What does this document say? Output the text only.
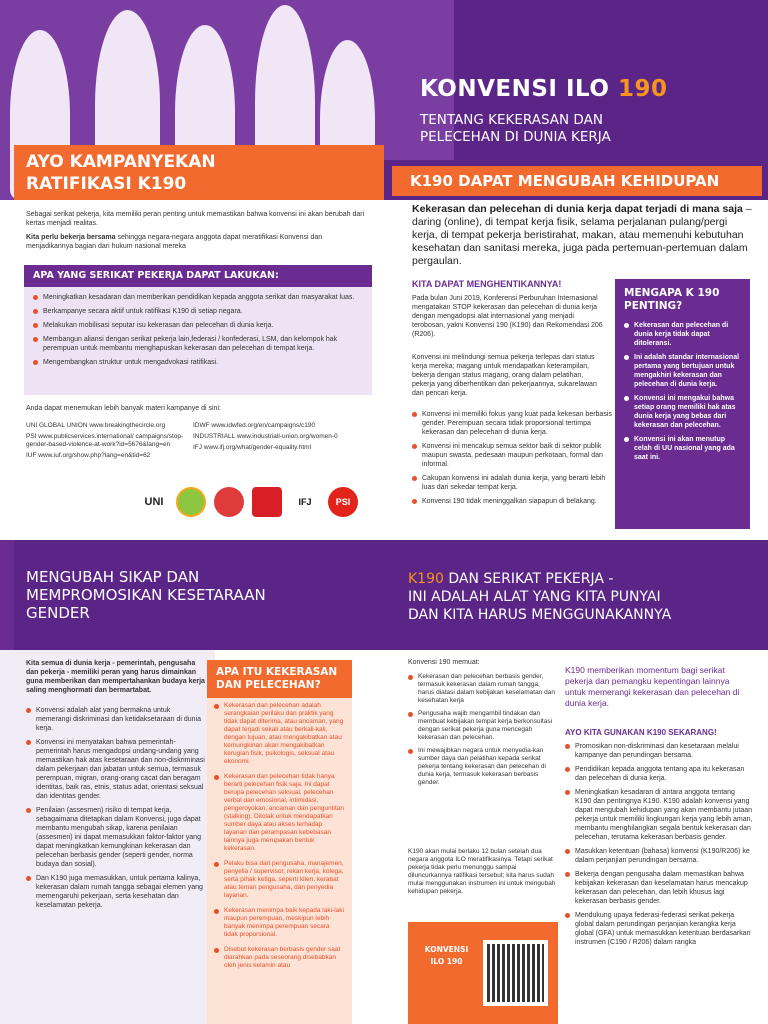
AYO KAMPANYEKAN
RATIFIKASI K190

Sebagai serikat pekerja, kita memiliki peran penting untuk memastikan bahwa konvensi ini akan berubah dari kertas menjadi realitas.

Kita perlu bekerja bersama sehingga negara-negara anggota dapat meratifikasi Konvensi dan menjadikannya bagian dari hukum nasional mereka

APA YANG SERIKAT PEKERJA DAPAT LAKUKAN:
Meningkatkan kesadaran dan memberikan pendidikan kepada anggota serikat dan masyarakat luas.
Berkampanye secara aktif untuk ratifikasi K190 di setiap negara.
Melakukan mobilisasi seputar isu kekerasan dan pelecehan di dunia kerja.
Membangun aliansi dengan serikat pekerja lain,federasi / konfederasi, LSM, dan kelompok hak perempuan untuk membantu menghapuskan kekerasan dan pelecehan di tempat kerja.
Mengembangkan struktur untuk mengadvokasi ratifikasi.
Anda dapat menemukan lebih banyak materi kampanye di sini:
UNI GLOBAL UNION www.breakingthecircle.org
PSI www.publicservices.international/ campaigns/stop-gender-based-violence-at-work?id=5676&lang=en
IUF www.iuf.org/show.php?lang=en&tid=62
IDWF www.idwfed.org/en/campaigns/c190
INDUSTRIALL www.industriall-union.org/women-0
IFJ www.ifj.org/what/gender-equality.html
UNI	IFJ	PSI
KONVENSI ILO 190
TENTANG KEKERASAN DAN
PELECEHAN DI DUNIA KERJA
K190 DAPAT MENGUBAH KEHIDUPAN
Kekerasan dan pelecehan di dunia kerja dapat terjadi di mana saja – daring (online), di tempat kerja fisik, selama perjalanan pulang/pergi kerja, di tempat pekerja beristirahat, makan, atau memenuhi kebutuhan kesehatan dan sanitasi mereka, juga pada pertemuan-pertemuan dalam pergaulan.
KITA DAPAT MENGHENTIKANNYA!
Pada bulan Juni 2019, Konferensi Perburuhan Internasional mengatakan STOP kekerasan dan pelecehan di dunia kerja dengan mengadopsi alat internasional yang menjadi terobosan, yakni Konvensi 190 (K190) dan Rekomendasi 206 (R206).
Konvensi ini melindungi semua pekerja terlepas dari status kerja mereka; magang untuk mendapatkan keterampilan, bekerja dengan status magang, orang dalam pelatihan, pekerja yang diberhentikan dari pekerjaannya, sukarelawan dan pencari kerja.
Konvensi ini memiliki fokus yang kuat pada kekesan berbasis gender. Perempuan secara tidak proporsional tertimpa kekerasan dan pelecehan di dunia kerja.
Konvensi ini mencakup semua sektor baik di sektor publik maupun swasta, pedesaan maupun perkotaan, formal dan informal.
Cakupan konvensi ini adalah dunia kerja, yang berarti lebih luas dari sekedar tempat kerja.
Konvensi 190 tidak meninggalkan siapapun di belakang.
MENGAPA K 190 PENTING?
Kekerasan dan pelecehan di dunia kerja tidak dapat ditoleransi.
Ini adalah standar internasional pertama yang bertujuan untuk mengakhiri kekerasan dan pelecehan di dunia kerja.
Konvensi ini mengakui bahwa setiap orang memiliki hak atas dunia kerja yang bebas dari kekerasan dan pelecehan.
Konvensi ini akan menutup celah di UU nasional yang ada saat ini.
MENGUBAH SIKAP DAN
MEMPROMOSIKAN KESETARAAN
GENDER
Kita semua di dunia kerja - pemerintah, pengusaha dan pekerja - memiliki peran yang harus dimainkan guna memberikan dan mempertahankan budaya kerja saling menghormati dan bermartabat.
Konvensi adalah alat yang bermakna untuk memerangi diskriminasi dan ketidaksetaraan di dunia kerja.
Konvensi ini menyatakan bahwa pemerintah-pemerintah harus mengadopsi undang-undang yang memastikan hak atas kesetaraan dan non-diskriminasi dalam pekerjaan dan jabatan untuk semua, termasuk perempuan, migran, orang-orang cacat dan beragam identitas, baik ras, etnis, status adat, orientasi seksual dan identitas gender.
Penilaian (assesmen) risiko di tempat kerja, sebagaimana ditetapkan dalam Konvensi, juga dapat membantu mengubah sikap, karena penilaian (assesmen) ini dapat memasukkan faktor-faktor yang dapat meningkatkan kemungkinan kekerasan dan pelecehan berbasis gender (seperti gender, norma budaya dan sosial).
Dan K190 juga memasukkan, untuk pertama kalinya, kekerasan dalam rumah tangga sebagai elemen yang memengaruhi pekerjaan, serta kesehatan dan keselamatan pekerja.
APA ITU KEKERASAN
DAN PELECEHAN?
Kekerasan dan pelecehan adalah serangkaian perilaku dan praktik yang tidak dapat diterima, atau ancaman, yang dapat terjadi sekali atau berkali-kali, dengan tujuan, atau mengakibatkan atau kemungkinan akan mengakibatkan kerugian fisik, psikologis, seksual atau ekonomi.
Kekerasan dan pelecehan tidak hanya berarti pelecehan fisik saja. Ini dapat berupa pelecehan seksual, pelecehan verbal dan emosional, intimidasi, pengeroyokan, ancaman dan penguntitan (stalking). Ditolak untuk mendapatkan sumber daya atau akses terhadap layanan dan perampasan kebebasan lainnya juga merupakan bentuk kekerasan.
Pelaku bisa dari pengusaha, manajemen, penyelia / supervisor, rekan kerja, kolega, serta pihak ketiga, seperti klien, kerabat atau teman pengusaha, dan penyedia layanan.
Kekerasan menimpa baik kepada laki-laki maupun perempuan, meskipun lebih banyak menimpa perempuan secara tidak proporsional.
Disebut kekerasan berbasis gender saat diarahkan pada seseorang disebabkan oleh jenis kelamin atau
K190 DAN SERIKAT PEKERJA -
INI ADALAH ALAT YANG KITA PUNYAI
DAN KITA HARUS MENGGUNAKANNYA
Konvensi 190 memuat:
Kekerasan dan pelecehan berbasis gender, termasuk kekerasan dalam rumah tangga, harus diatasi dalam kebijakan keselamatan dan kesehatan kerja
Pengusaha wajib mengambil tindakan dan membuat kebijakan tempat kerja berkonsultasi dengan serikat pekerja guna mencegah kekerasan dan pelecehan.
Ini mewajibkan negara untuk menyedia-kan sumber daya dan pelatihan kepada serikat pekerja tentang kekerasan dan pelecehan di dunia kerja, termasuk kekerasan berbasis gender.
K190 akan mulai berlaku 12 bulan setelah dua negara anggota ILO meratifikasinya. Tetapi serikat pekerja tidak perlu menunggu sampai diluncurkannya ratifikasi tersebut; kita harus sudah mulai menggunakan instrumen ini untuk mengubah kehidupan pekerja.
KONVENSI
ILO 190
K190 memberikan momentum bagi serikat pekerja dan pemangku kepentingan lainnya untuk memerangi kekerasan dan pelecehan di dunia kerja.
AYO KITA GUNAKAN K190 SEKARANG!
Promosikan non-diskriminasi dan kesetaraan melalui kampanye dan perundingan bersama.
Pendidikan kepada anggota tentang apa itu kekerasan dan pelecehan di dunia kerja.
Meningkatkan kesadaran di antara anggota tentang K190 dan pentingnya K190. K190 adalah konvensi yang dapat mengubah kehidupan yang akan membantu jutaan pekerja untuk memiliki lingkungan kerja yang lebih aman, membantu menghilangkan segala bentuk kekerasan dan pelecehan, terutama kekerasan berbasis gender.
Masukkan ketentuan (bahasa) konvensi (K190/R206) ke dalam perjanjian perundingan bersama.
Bekerja dengan pengusaha dalam memastikan bahwa kebijakan kekerasan dan keselamatan harus mencakup kekerasan dan pelecehan, dan lebih khusus lagi kekerasan berbasis gender.
Mendukung upaya federasi-federasi serikat pekerja global dalam perundingan perjanjian kerangka kerja global (GFA) untuk memasukkan ketentuan berdasarkan instrumen (C190 / R206) dalam rangka
